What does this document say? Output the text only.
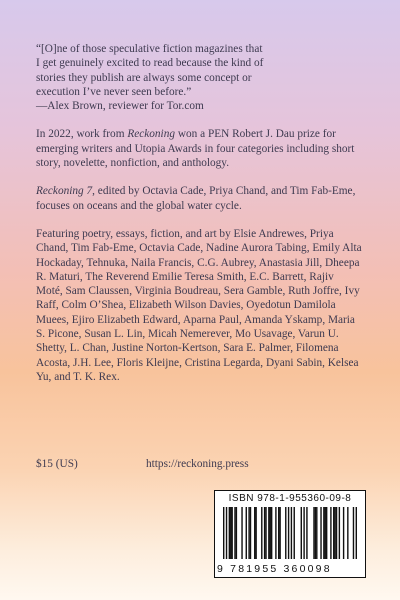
“[O]ne of those speculative fiction magazines that
I get genuinely excited to read because the kind of
stories they publish are always some concept or
execution I’ve never seen before.”
—Alex Brown, reviewer for Tor.com

In 2022, work from Reckoning won a PEN Robert J. Dau prize for emerging writers and Utopia Awards in four categories including short story, novelette, nonfiction, and anthology.

Reckoning 7, edited by Octavia Cade, Priya Chand, and Tim Fab-Eme, focuses on oceans and the global water cycle.

Featuring poetry, essays, fiction, and art by Elsie Andrewes, Priya Chand, Tim Fab-Eme, Octavia Cade, Nadine Aurora Tabing, Emily Alta Hockaday, Tehnuka, Naila Francis, C.G. Aubrey, Anastasia Jill, Dheepa R. Maturi, The Reverend Emilie Teresa Smith, E.C. Barrett, Rajiv Moté, Sam Claussen, Virginia Boudreau, Sera Gamble, Ruth Joffre, Ivy Raff, Colm O’Shea, Elizabeth Wilson Davies, Oyedotun Damilola Muees, Ejiro Elizabeth Edward, Aparna Paul, Amanda Yskamp, Maria S. Picone, Susan L. Lin, Micah Nemerever, Mo Usavage, Varun U. Shetty, L. Chan, Justine Norton-Kertson, Sara E. Palmer, Filomena Acosta, J.H. Lee, Floris Kleijne, Cristina Legarda, Dyani Sabin, Kelsea Yu, and T. K. Rex.

$15 (US)	https://reckoning.press
ISBN 978-1-955360-09-8
9 781955 360098
